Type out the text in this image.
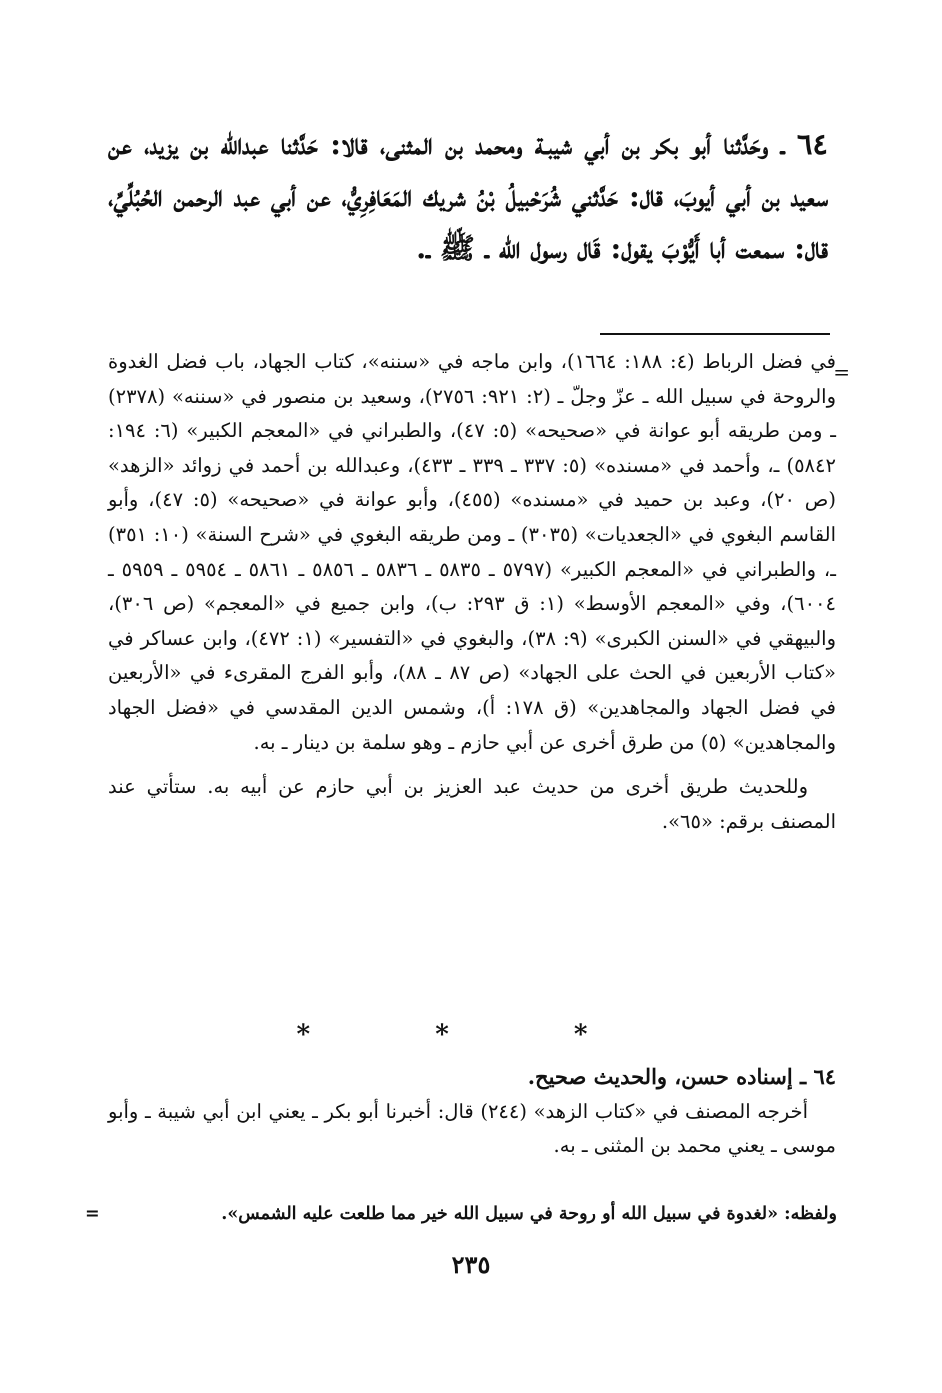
٦٤ ـ وحَدَّثنا أبو بكر بن أبي شيبـة ومحمد بن المثنى، قالا: حَدَّثنا عبدالله بن يزيد، عن سعيد بن أبي أيوبَ، قال: حَدَّثني شُرَحْبيلُ بْنُ شريك المَعَافِرِيُّ، عن أبي عبد الرحمن الحُبُلِّيِّ، قال: سمعت أبا أَيُّوْبَ يقول: قَال رسول الله ـ ﷺ ـ.

=

في فضل الرباط (٤: ١٨٨: ١٦٦٤)، وابن ماجه في «سننه»، كتاب الجهاد، باب فضل الغدوة والروحة في سبيل الله ـ عزّ وجلّ ـ (٢: ٩٢١: ٢٧٥٦)، وسعيد بن منصور في «سننه» (٢٣٧٨) ـ ومن طريقه أبو عوانة في «صحيحه» (٥: ٤٧)، والطبراني في «المعجم الكبير» (٦: ١٩٤: ٥٨٤٢) ـ، وأحمد في «مسنده» (٥: ٣٣٧ ـ ٣٣٩ ـ ٤٣٣)، وعبدالله بن أحمد في زوائد «الزهد» (ص ٢٠)، وعبد بن حميد في «مسنده» (٤٥٥)، وأبو عوانة في «صحيحه» (٥: ٤٧)، وأبو القاسم البغوي في «الجعديات» (٣٠٣٥) ـ ومن طريقه البغوي في «شرح السنة» (١٠: ٣٥١) ـ، والطبراني في «المعجم الكبير» (٥٧٩٧ ـ ٥٨٣٥ ـ ٥٨٣٦ ـ ٥٨٥٦ ـ ٥٨٦١ ـ ٥٩٥٤ ـ ٥٩٥٩ ـ ٦٠٠٤)، وفي «المعجم الأوسط» (١: ق ٢٩٣: ب)، وابن جميع في «المعجم» (ص ٣٠٦)، والبيهقي في «السنن الكبرى» (٩: ٣٨)، والبغوي في «التفسير» (١: ٤٧٢)، وابن عساكر في «كتاب الأربعين في الحث على الجهاد» (ص ٨٧ ـ ٨٨)، وأبو الفرج المقرىء في «الأربعين في فضل الجهاد والمجاهدين» (ق ١٧٨: أ)، وشمس الدين المقدسي في «فضل الجهاد والمجاهدين» (٥) من طرق أخرى عن أبي حازم ـ وهو سلمة بن دينار ـ به.

وللحديث طريق أخرى من حديث عبد العزيز بن أبي حازم عن أبيه به. ستأتي عند المصنف برقم: «٦٥».

* * *

٦٤ ـ إسناده حسن، والحديث صحيح.

أخرجه المصنف في «كتاب الزهد» (٢٤٤) قال: أخبرنا أبو بكر ـ يعني ابن أبي شيبة ـ وأبو موسى ـ يعني محمد بن المثنى ـ به.

ولفظه: «لغدوة في سبيل الله أو روحة في سبيل الله خير مما طلعت عليه الشمس».
=
٢٣٥
